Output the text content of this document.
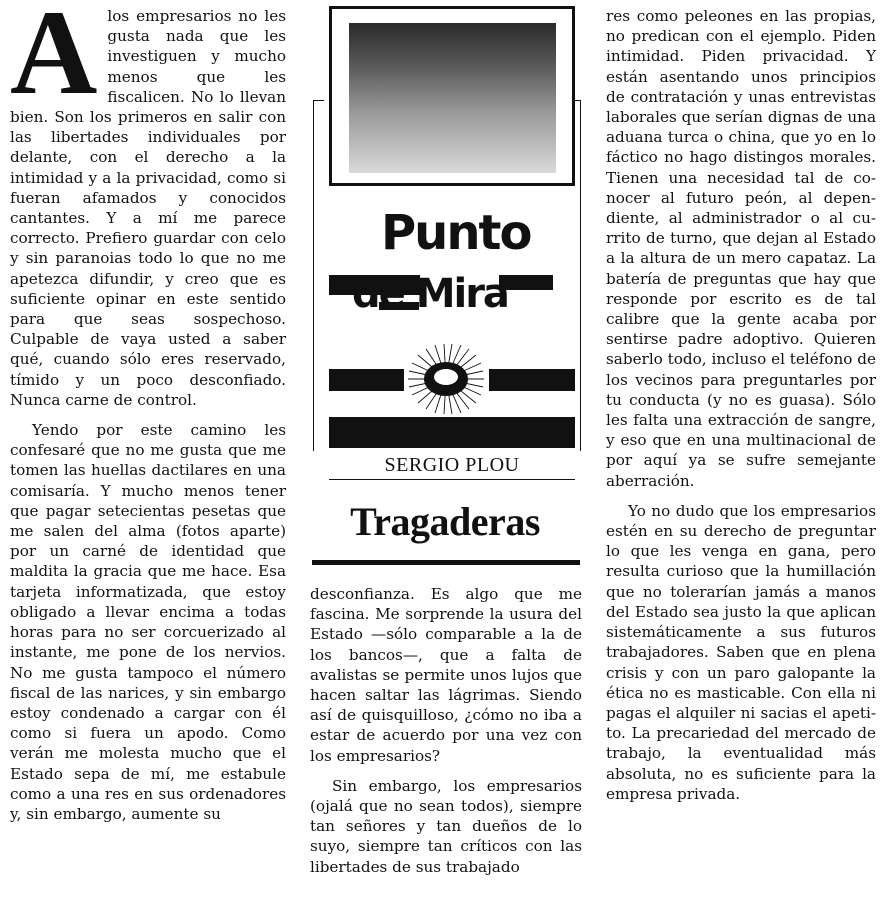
Alos empresarios no les gusta nada que les investiguen y mucho menos que les fiscalicen. No lo llevan bien. Son los primeros en salir con las libertades individuales por delante, con el derecho a la intimidad y a la privacidad, como si fueran afamados y conocidos cantantes. Y a mí me parece correcto. Prefiero guardar con celo y sin paranoias todo lo que no me apetezca difundir, y creo que es suficiente opinar en este sentido para que seas sospechoso. Culpable de vaya usted a saber qué, cuando sólo eres reservado, tímido y un poco desconfiado. Nunca carne de control.

Yendo por este camino les confesaré que no me gusta que me tomen las huellas dactilares en una comisaría. Y mucho menos tener que pagar setecientas pesetas que me salen del alma (fotos aparte) por un carné de identidad que maldita la gracia que me hace. Esa tarjeta informatizada, que estoy obligado a llevar encima a todas horas para no ser corcuerizado al instante, me pone de los nervios. No me gusta tampoco el número fiscal de las narices, y sin embargo estoy condenado a cargar con él como si fuera un apodo. Como verán me molesta mucho que el Estado sepa de mí, me estabule como a una res en sus ordenadores y, sin embargo, aumente su

Punto
de Mira
SERGIO PLOU
Tragaderas

desconfianza. Es algo que me fascina. Me sorprende la usura del Estado —sólo comparable a la de los bancos—, que a falta de avalistas se permite unos lujos que hacen saltar las lágrimas. Siendo así de quisquilloso, ¿cómo no iba a estar de acuerdo por una vez con los empresarios?

Sin embargo, los empresarios (ojalá que no sean todos), siempre tan señores y tan dueños de lo suyo, siempre tan críticos con las libertades de sus trabajado

res como peleones en las propias, no predican con el ejemplo. Piden intimidad. Piden privacidad. Y están asentando unos principios de contratación y unas entrevistas laborales que serían dignas de una aduana turca o china, que yo en lo fáctico no hago distingos morales. Tienen una necesidad tal de conocer al futuro peón, al dependiente, al administrador o al currito de turno, que dejan al Estado a la altura de un mero capataz. La batería de preguntas que hay que responde por escrito es de tal calibre que la gente acaba por sentirse padre adoptivo. Quieren saberlo todo, incluso el teléfono de los vecinos para preguntarles por tu conducta (y no es guasa). Sólo les falta una extracción de sangre, y eso que en una multinacional de por aquí ya se sufre semejante aberración.

Yo no dudo que los empresarios estén en su derecho de preguntar lo que les venga en gana, pero resulta curioso que la humillación que no tolerarían jamás a manos del Estado sea justo la que aplican sistemáticamente a sus futuros trabajadores. Saben que en plena crisis y con un paro galopante la ética no es masticable. Con ella ni pagas el alquiler ni sacias el apetito. La precariedad del mercado de trabajo, la eventualidad más absoluta, no es suficiente para la empresa privada.
